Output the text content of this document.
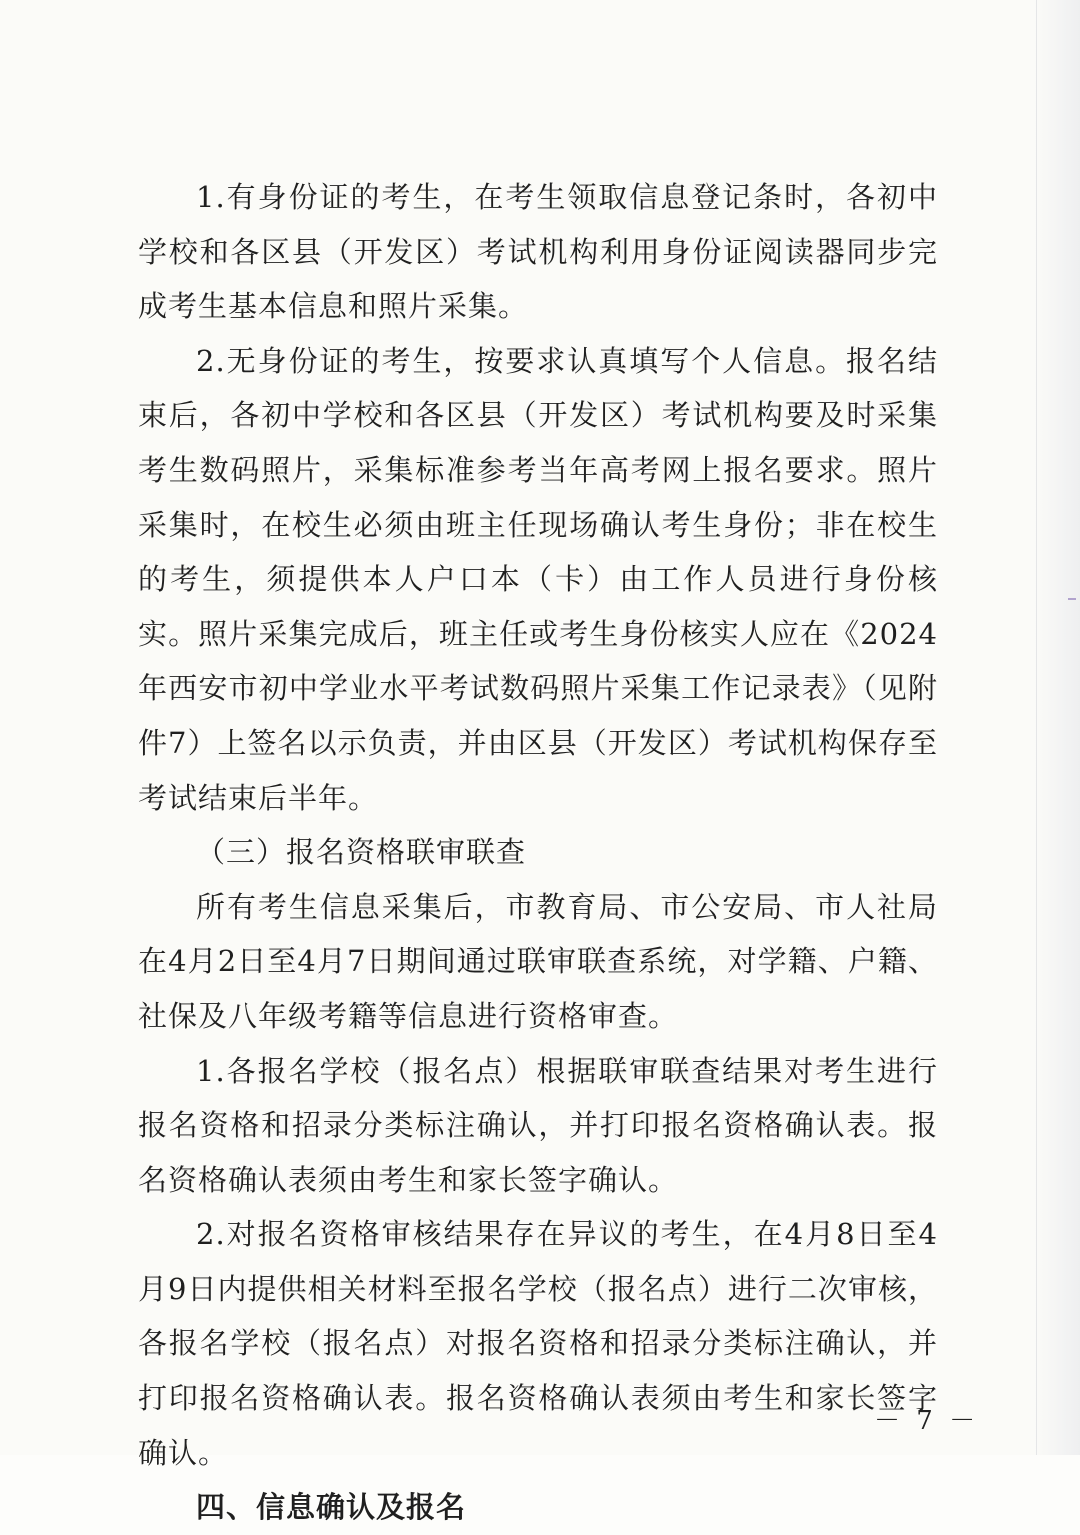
1.有身份证的考生，在考生领取信息登记条时，各初中学校和各区县（开发区）考试机构利用身份证阅读器同步完成考生基本信息和照片采集。

2.无身份证的考生，按要求认真填写个人信息。报名结束后，各初中学校和各区县（开发区）考试机构要及时采集考生数码照片，采集标准参考当年高考网上报名要求。照片采集时，在校生必须由班主任现场确认考生身份；非在校生的考生，须提供本人户口本（卡）由工作人员进行身份核实。照片采集完成后，班主任或考生身份核实人应在《2024年西安市初中学业水平考试数码照片采集工作记录表》（见附件7）上签名以示负责，并由区县（开发区）考试机构保存至考试结束后半年。

（三）报名资格联审联查

所有考生信息采集后，市教育局、市公安局、市人社局在4月2日至4月7日期间通过联审联查系统，对学籍、户籍、社保及八年级考籍等信息进行资格审查。

1.各报名学校（报名点）根据联审联查结果对考生进行报名资格和招录分类标注确认，并打印报名资格确认表。报名资格确认表须由考生和家长签字确认。

2.对报名资格审核结果存在异议的考生，在4月8日至4月9日内提供相关材料至报名学校（报名点）进行二次审核，各报名学校（报名点）对报名资格和招录分类标注确认，并打印报名资格确认表。报名资格确认表须由考生和家长签字确认。

四、信息确认及报名

－ 7 －
